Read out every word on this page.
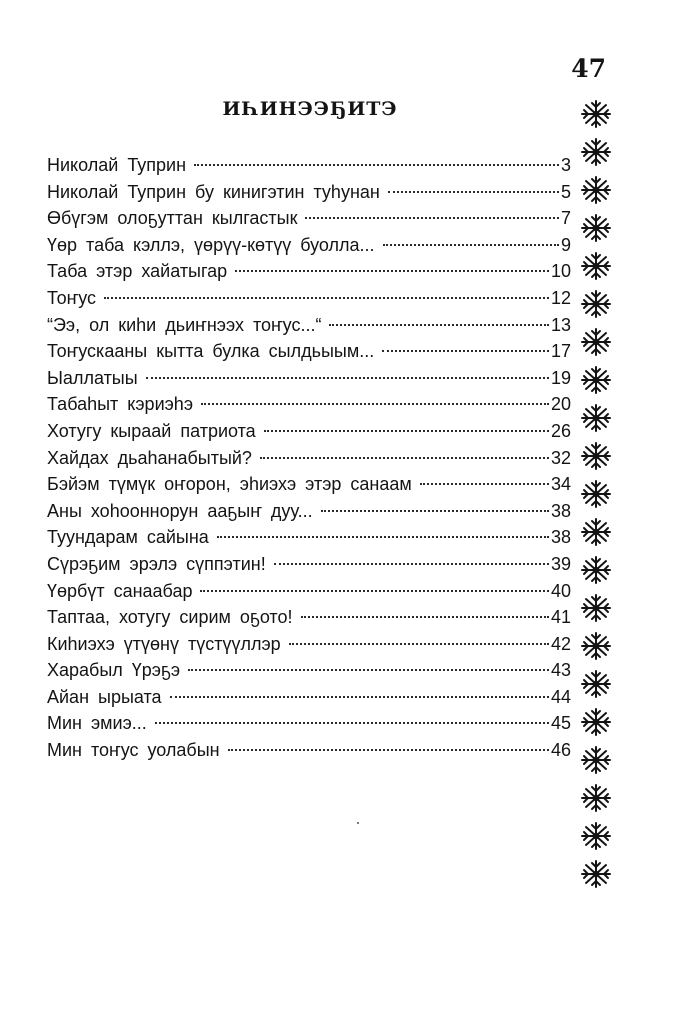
47
ИҺИНЭЭҔИТЭ
Николай Туприн	3
Николай Туприн бу кинигэтин туһунан	5
Өбүгэм олоҕуттан кылгастык	7
Үөр таба кэллэ, үөрүү-көтүү буолла...	9
Таба этэр хайатыгар	10
Тоҥус	12
“Ээ, ол киһи дьиҥнээх тоҥус...“	13
Тоҥускааны кытта булка сылдьыым...	17
Ыаллатыы	19
Табаһыт кэриэһэ	20
Хотугу кыраай патриота	26
Хайдах дьаһанабытый?	32
Бэйэм түмүк оҥорон, эһиэхэ этэр санаам	34
Аны хоһооннорун ааҕыҥ дуу...	38
Туундарам сайына	38
Сүрэҕим эрэлэ сүппэтин!	39
Үөрбүт санаабар	40
Таптаа, хотугу сирим оҕото!	41
Киһиэхэ үтүөнү түстүүллэр	42
Харабыл Үрэҕэ	43
Айан ырыата	44
Мин эмиэ...	45
Мин тоҥус уолабын	46
